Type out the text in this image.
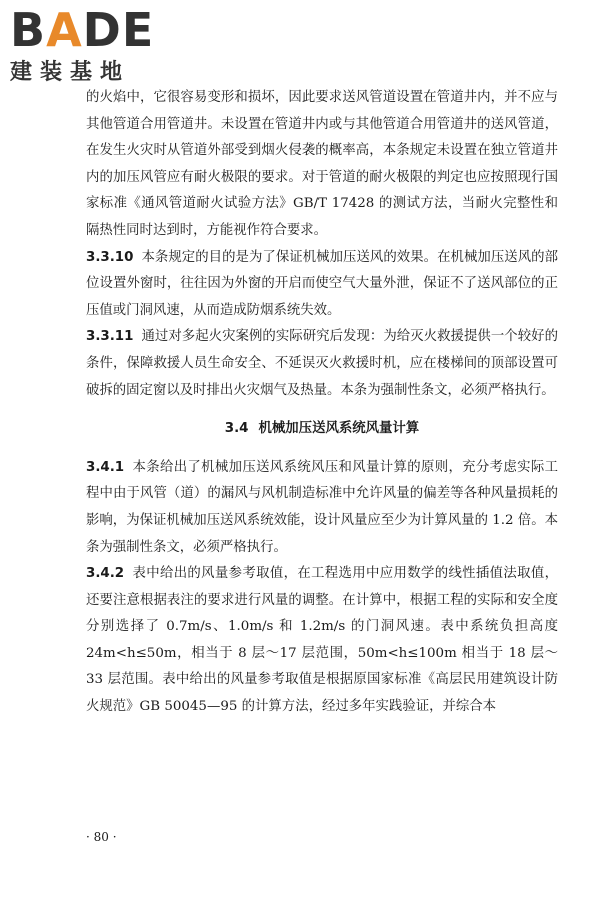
BADE
建装基地

的火焰中，它很容易变形和损坏，因此要求送风管道设置在管道井内，并不应与其他管道合用管道井。未设置在管道井内或与其他管道合用管道井的送风管道，在发生火灾时从管道外部受到烟火侵袭的概率高，本条规定未设置在独立管道井内的加压风管应有耐火极限的要求。对于管道的耐火极限的判定也应按照现行国家标准《通风管道耐火试验方法》GB/T 17428 的测试方法，当耐火完整性和隔热性同时达到时，方能视作符合要求。

3.3.10 本条规定的目的是为了保证机械加压送风的效果。在机械加压送风的部位设置外窗时，往往因为外窗的开启而使空气大量外泄，保证不了送风部位的正压值或门洞风速，从而造成防烟系统失效。

3.3.11 通过对多起火灾案例的实际研究后发现：为给灭火救援提供一个较好的条件，保障救援人员生命安全、不延误灭火救援时机，应在楼梯间的顶部设置可破拆的固定窗以及时排出火灾烟气及热量。本条为强制性条文，必须严格执行。

3.4 机械加压送风系统风量计算

3.4.1 本条给出了机械加压送风系统风压和风量计算的原则，充分考虑实际工程中由于风管（道）的漏风与风机制造标准中允许风量的偏差等各种风量损耗的影响，为保证机械加压送风系统效能，设计风量应至少为计算风量的 1.2 倍。本条为强制性条文，必须严格执行。

3.4.2 表中给出的风量参考取值，在工程选用中应用数学的线性插值法取值，还要注意根据表注的要求进行风量的调整。在计算中，根据工程的实际和安全度分别选择了 0.7m/s、1.0m/s 和 1.2m/s 的门洞风速。表中系统负担高度 24m<h≤50m，相当于 8 层～17 层范围，50m<h≤100m 相当于 18 层～33 层范围。表中给出的风量参考取值是根据原国家标准《高层民用建筑设计防火规范》GB 50045—95 的计算方法，经过多年实践验证，并综合本

· 80 ·
